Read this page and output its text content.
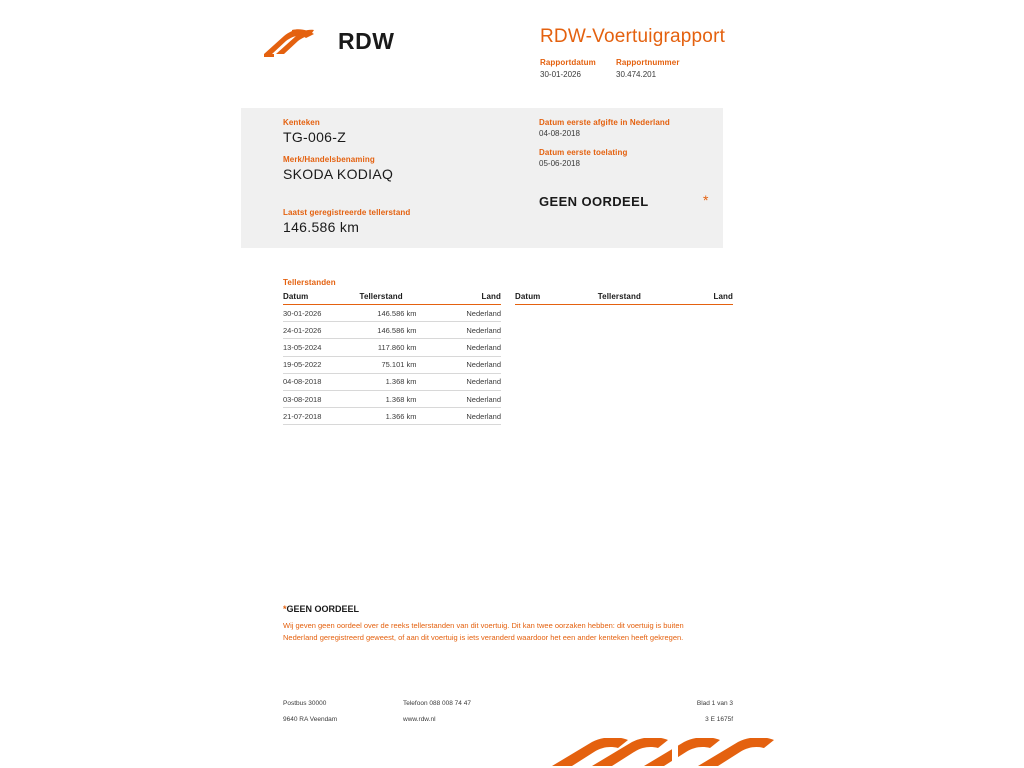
RDW	RDW-Voertuigrapport
Rapportdatum
30-01-2026
Rapportnummer
30.474.201
Kenteken
TG-006-Z
Merk/Handelsbenaming
SKODA KODIAQ
Laatst geregistreerde tellerstand
146.586 km
Datum eerste afgifte in Nederland
04-08-2018
Datum eerste toelating
05-06-2018
GEEN OORDEEL	*
Tellerstanden
Datum	Tellerstand	Land
30-01-2026	146.586 km	Nederland
24-01-2026	146.586 km	Nederland
13-05-2024	117.860 km	Nederland
19-05-2022	75.101 km	Nederland
04-08-2018	1.368 km	Nederland
03-08-2018	1.368 km	Nederland
21-07-2018	1.366 km	Nederland
Datum	Tellerstand	Land
*GEEN OORDEEL
Wij geven geen oordeel over de reeks tellerstanden van dit voertuig. Dit kan twee oorzaken hebben: dit voertuig is buiten Nederland geregistreerd geweest, of aan dit voertuig is iets veranderd waardoor het een ander kenteken heeft gekregen.
Postbus 30000	Telefoon 088 008 74 47	Blad 1 van 3
9640 RA Veendam	www.rdw.nl	3 E 1675f
